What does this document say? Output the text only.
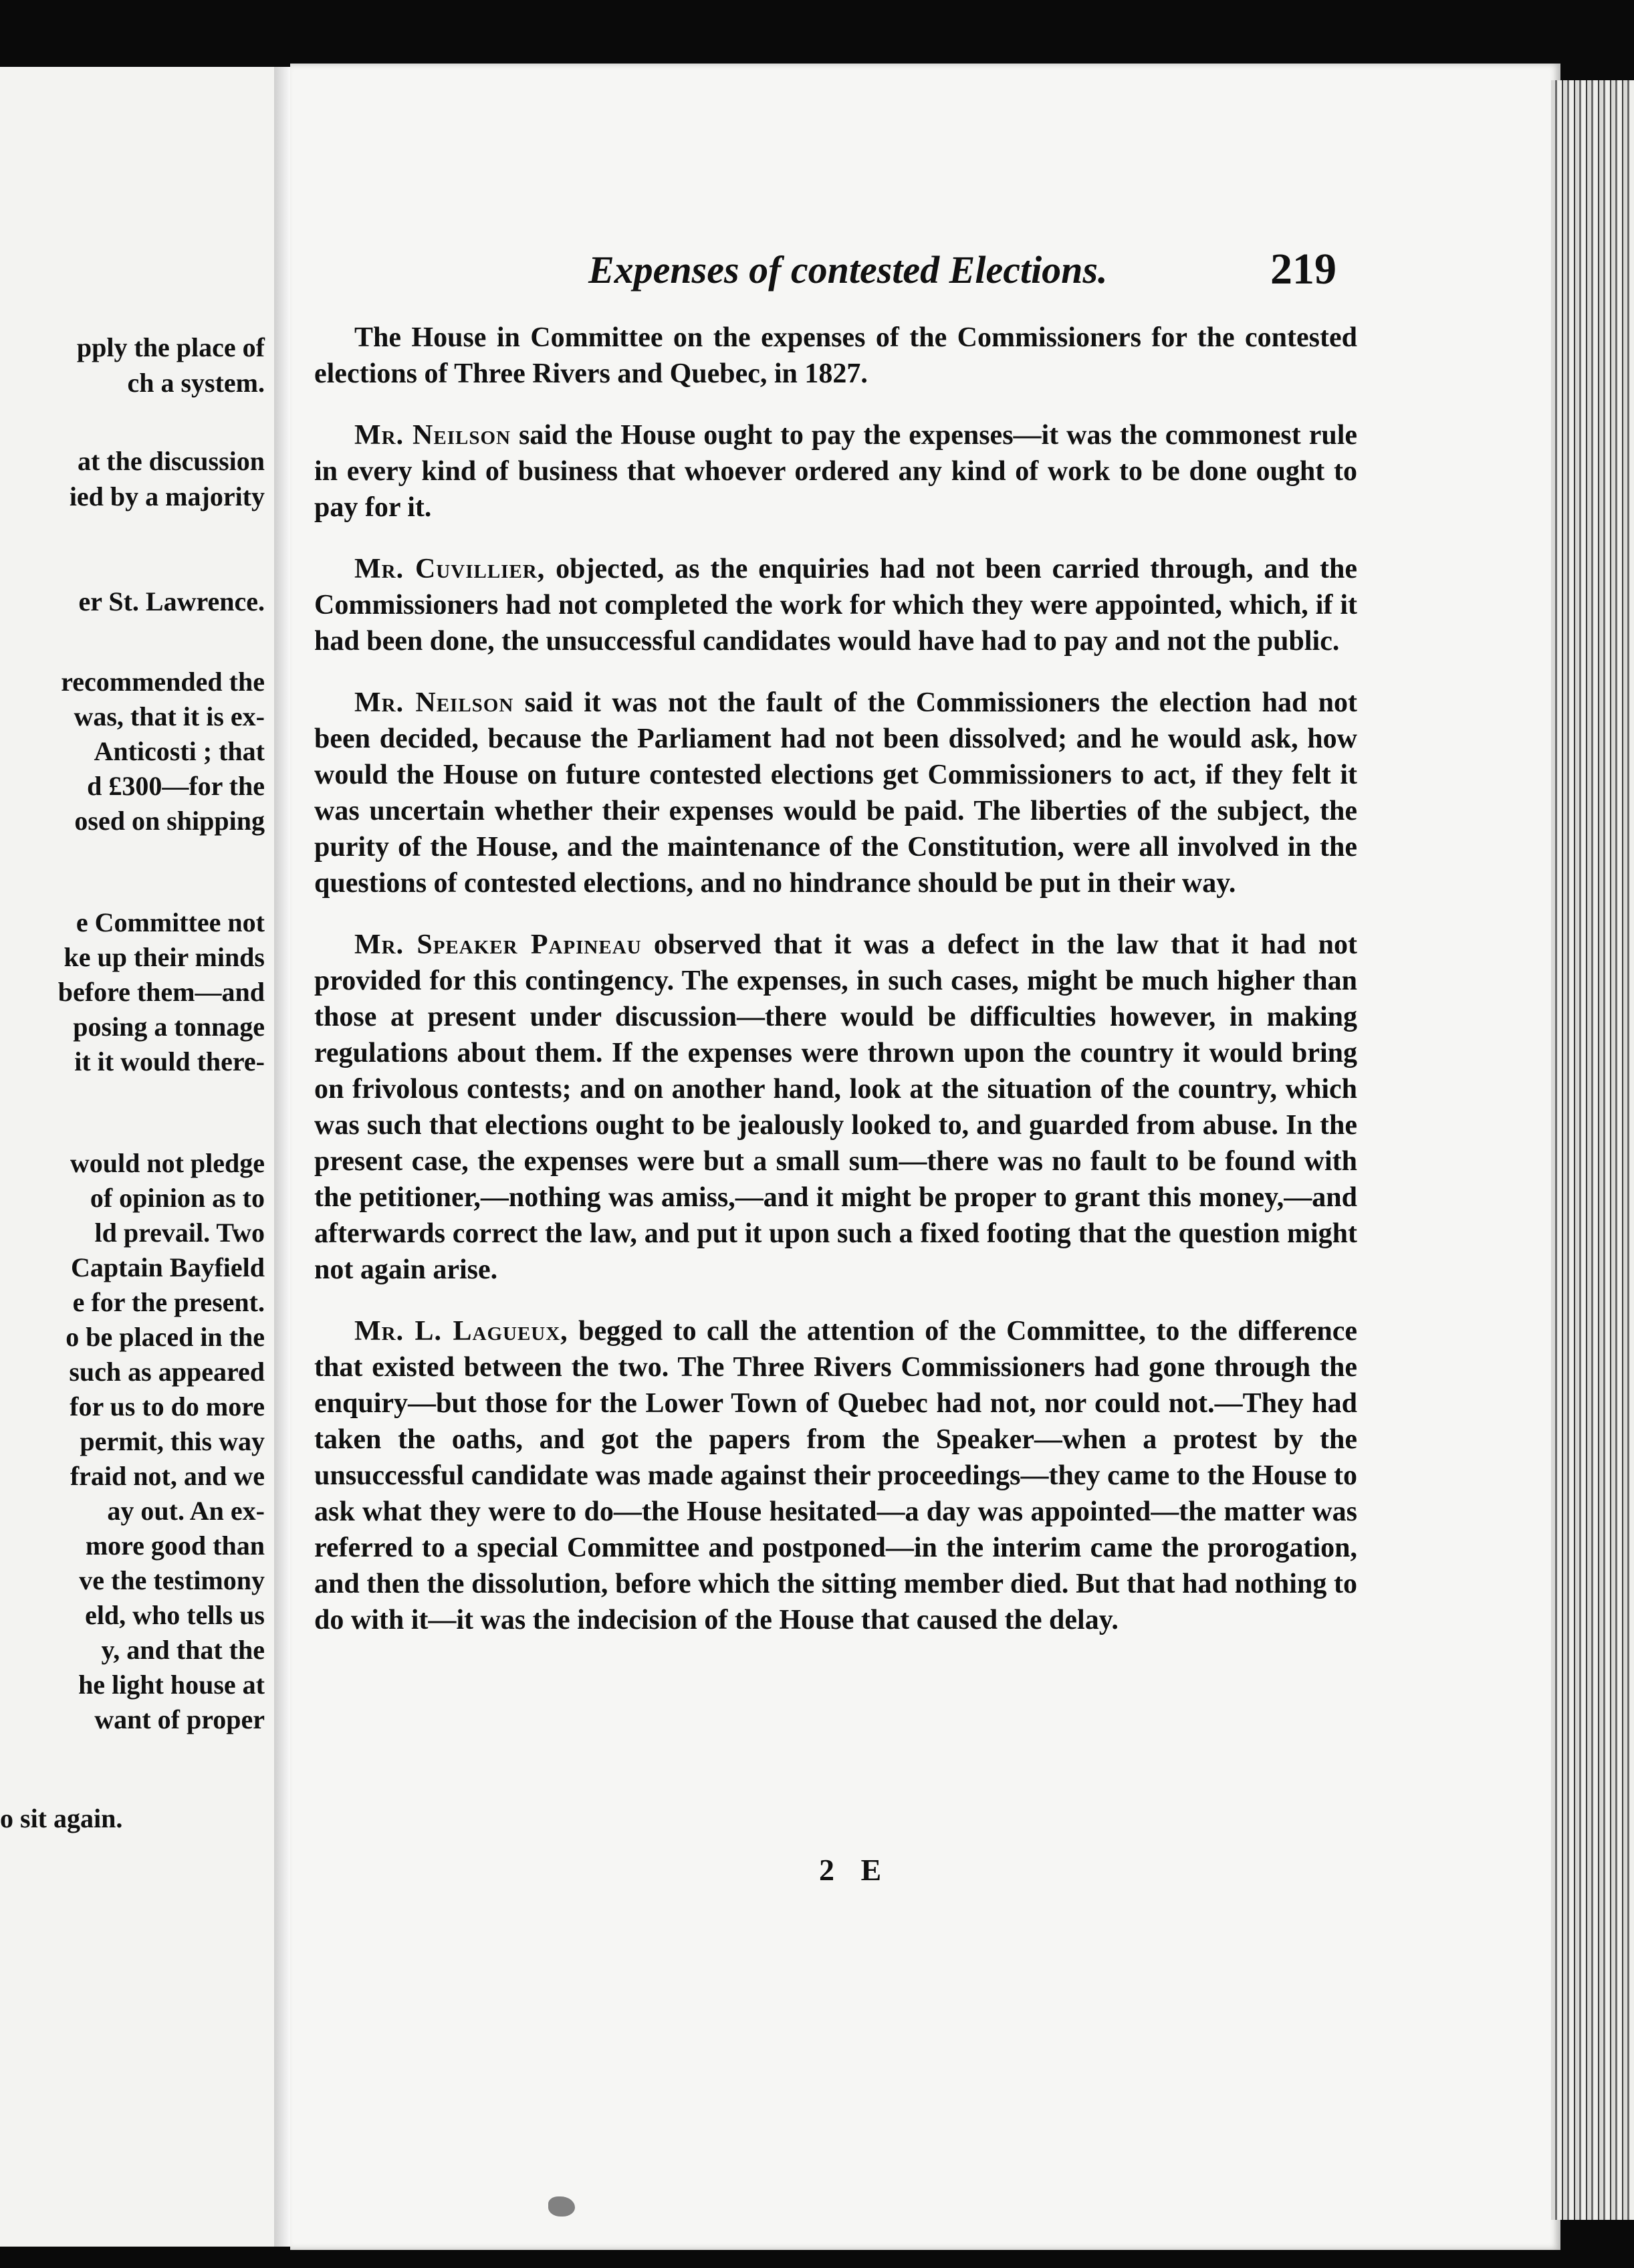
pply the place of
ch a system.
at the discussion
ied by a majority
er St. Lawrence.
recommended the
was, that it is ex-
Anticosti ; that
d £300—for the
osed on shipping
e Committee not
ke up their minds
before them—and
posing a tonnage
it it would there-
would not pledge
of opinion as to
ld prevail. Two
Captain Bayfield
e for the present.
o be placed in the
such as appeared
for us to do more
permit, this way
fraid not, and we
ay out. An ex-
more good than
ve the testimony
eld, who tells us
y, and that the
he light house at
want of proper
o sit again.
Expenses of contested Elections.	219

The House in Committee on the expenses of the Commissioners for the contested elections of Three Rivers and Quebec, in 1827.

Mr. Neilson said the House ought to pay the expenses—it was the commonest rule in every kind of business that whoever ordered any kind of work to be done ought to pay for it.

Mr. Cuvillier, objected, as the enquiries had not been carried through, and the Commissioners had not completed the work for which they were appointed, which, if it had been done, the unsuccessful candidates would have had to pay and not the public.

Mr. Neilson said it was not the fault of the Commissioners the election had not been decided, because the Parliament had not been dissolved; and he would ask, how would the House on future contested elections get Commissioners to act, if they felt it was uncertain whether their expenses would be paid. The liberties of the subject, the purity of the House, and the maintenance of the Constitution, were all involved in the questions of contested elections, and no hindrance should be put in their way.

Mr. Speaker Papineau observed that it was a defect in the law that it had not provided for this contingency. The expenses, in such cases, might be much higher than those at present under discussion—there would be difficulties however, in making regulations about them. If the expenses were thrown upon the country it would bring on frivolous contests; and on another hand, look at the situation of the country, which was such that elections ought to be jealously looked to, and guarded from abuse. In the present case, the expenses were but a small sum—there was no fault to be found with the petitioner,—nothing was amiss,—and it might be proper to grant this money,—and afterwards correct the law, and put it upon such a fixed footing that the question might not again arise.

Mr. L. Lagueux, begged to call the attention of the Committee, to the difference that existed between the two. The Three Rivers Commissioners had gone through the enquiry—but those for the Lower Town of Quebec had not, nor could not.—They had taken the oaths, and got the papers from the Speaker—when a protest by the unsuccessful candidate was made against their proceedings—they came to the House to ask what they were to do—the House hesitated—a day was appointed—the matter was referred to a special Committee and postponed—in the interim came the prorogation, and then the dissolution, before which the sitting member died. But that had nothing to do with it—it was the indecision of the House that caused the delay.

2 E
